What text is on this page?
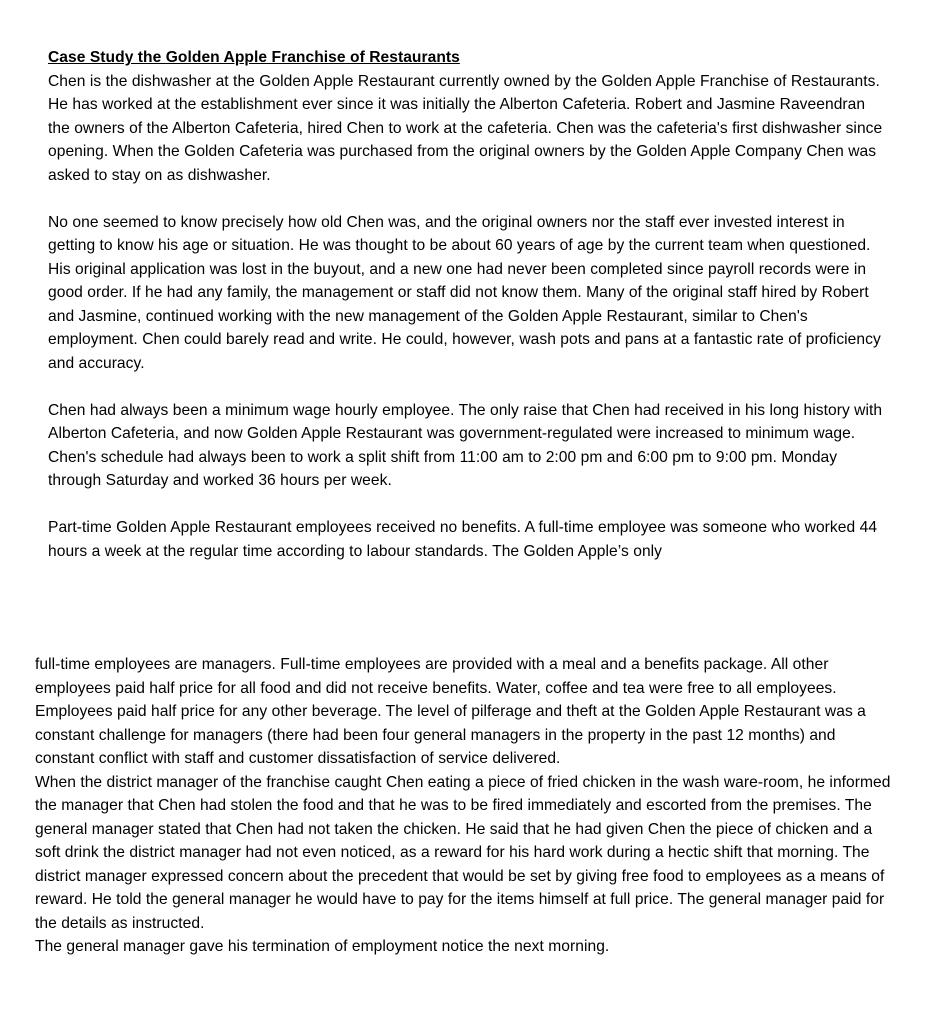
Case Study the Golden Apple Franchise of Restaurants

Chen is the dishwasher at the Golden Apple Restaurant currently owned by the Golden Apple Franchise of Restaurants. He has worked at the establishment ever since it was initially the Alberton Cafeteria. Robert and Jasmine Raveendran the owners of the Alberton Cafeteria, hired Chen to work at the cafeteria. Chen was the cafeteria's first dishwasher since opening. When the Golden Cafeteria was purchased from the original owners by the Golden Apple Company Chen was asked to stay on as dishwasher.

No one seemed to know precisely how old Chen was, and the original owners nor the staff ever invested interest in getting to know his age or situation. He was thought to be about 60 years of age by the current team when questioned. His original application was lost in the buyout, and a new one had never been completed since payroll records were in good order. If he had any family, the management or staff did not know them. Many of the original staff hired by Robert and Jasmine, continued working with the new management of the Golden Apple Restaurant, similar to Chen's employment. Chen could barely read and write. He could, however, wash pots and pans at a fantastic rate of proficiency and accuracy.

Chen had always been a minimum wage hourly employee. The only raise that Chen had received in his long history with Alberton Cafeteria, and now Golden Apple Restaurant was government-regulated were increased to minimum wage. Chen's schedule had always been to work a split shift from 11:00 am to 2:00 pm and 6:00 pm to 9:00 pm. Monday through Saturday and worked 36 hours per week.

Part-time Golden Apple Restaurant employees received no benefits. A full-time employee was someone who worked 44 hours a week at the regular time according to labour standards. The Golden Apple’s only

full-time employees are managers. Full-time employees are provided with a meal and a benefits package. All other employees paid half price for all food and did not receive benefits. Water, coffee and tea were free to all employees. Employees paid half price for any other beverage. The level of pilferage and theft at the Golden Apple Restaurant was a constant challenge for managers (there had been four general managers in the property in the past 12 months) and constant conflict with staff and customer dissatisfaction of service delivered.

When the district manager of the franchise caught Chen eating a piece of fried chicken in the wash ware-room, he informed the manager that Chen had stolen the food and that he was to be fired immediately and escorted from the premises. The general manager stated that Chen had not taken the chicken. He said that he had given Chen the piece of chicken and a soft drink the district manager had not even noticed, as a reward for his hard work during a hectic shift that morning. The district manager expressed concern about the precedent that would be set by giving free food to employees as a means of reward. He told the general manager he would have to pay for the items himself at full price. The general manager paid for the details as instructed.

The general manager gave his termination of employment notice the next morning.
